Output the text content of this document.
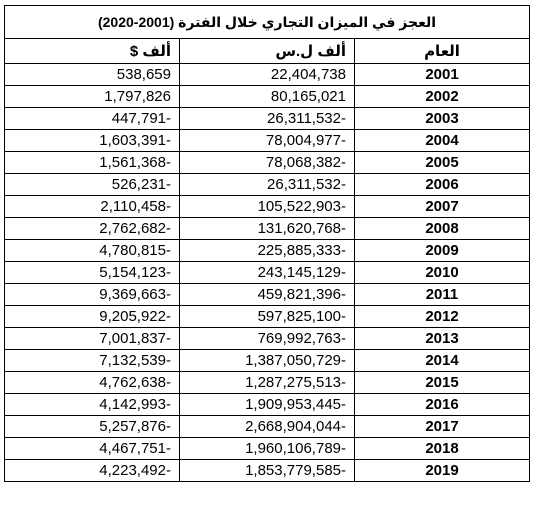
العجز في الميزان التجاري خلال الفترة (2001-2020)		
ألف $	ألف ل.س	العام
538,659	22,404,738	2001
1,797,826	80,165,021	2002
447,791-	26,311,532-	2003
1,603,391-	78,004,977-	2004
1,561,368-	78,068,382-	2005
526,231-	26,311,532-	2006
2,110,458-	105,522,903-	2007
2,762,682-	131,620,768-	2008
4,780,815-	225,885,333-	2009
5,154,123-	243,145,129-	2010
9,369,663-	459,821,396-	2011
9,205,922-	597,825,100-	2012
7,001,837-	769,992,763-	2013
7,132,539-	1,387,050,729-	2014
4,762,638-	1,287,275,513-	2015
4,142,993-	1,909,953,445-	2016
5,257,876-	2,668,904,044-	2017
4,467,751-	1,960,106,789-	2018
4,223,492-	1,853,779,585-	2019
